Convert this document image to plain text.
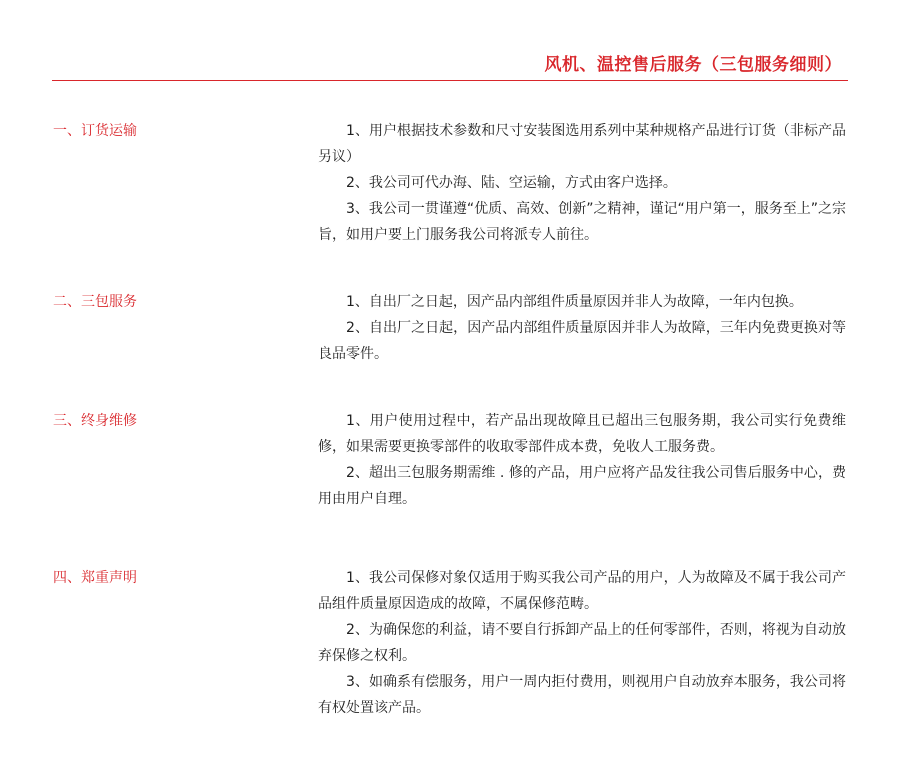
风机、温控售后服务（三包服务细则）
一、订货运输	1、用户根据技术参数和尺寸安装图选用系列中某种规格产品进行订货（非标产品另议）

2、我公司可代办海、陆、空运输，方式由客户选择。

3、我公司一贯谨遵“优质、高效、创新”之精神，谨记“用户第一，服务至上”之宗旨，如用户要上门服务我公司将派专人前往。

二、三包服务	1、自出厂之日起，因产品内部组件质量原因并非人为故障，一年内包换。

2、自出厂之日起，因产品内部组件质量原因并非人为故障，三年内免费更换对等良品零件。

三、终身维修	1、用户使用过程中，若产品出现故障且已超出三包服务期，我公司实行免费维修，如果需要更换零部件的收取零部件成本费，免收人工服务费。

2、超出三包服务期需维 . 修的产品，用户应将产品发往我公司售后服务中心，费用由用户自理。

四、郑重声明	1、我公司保修对象仅适用于购买我公司产品的用户，人为故障及不属于我公司产品组件质量原因造成的故障，不属保修范畴。

2、为确保您的利益，请不要自行拆卸产品上的任何零部件，否则，将视为自动放弃保修之权利。

3、如确系有偿服务，用户一周内拒付费用，则视用户自动放弃本服务，我公司将有权处置该产品。
